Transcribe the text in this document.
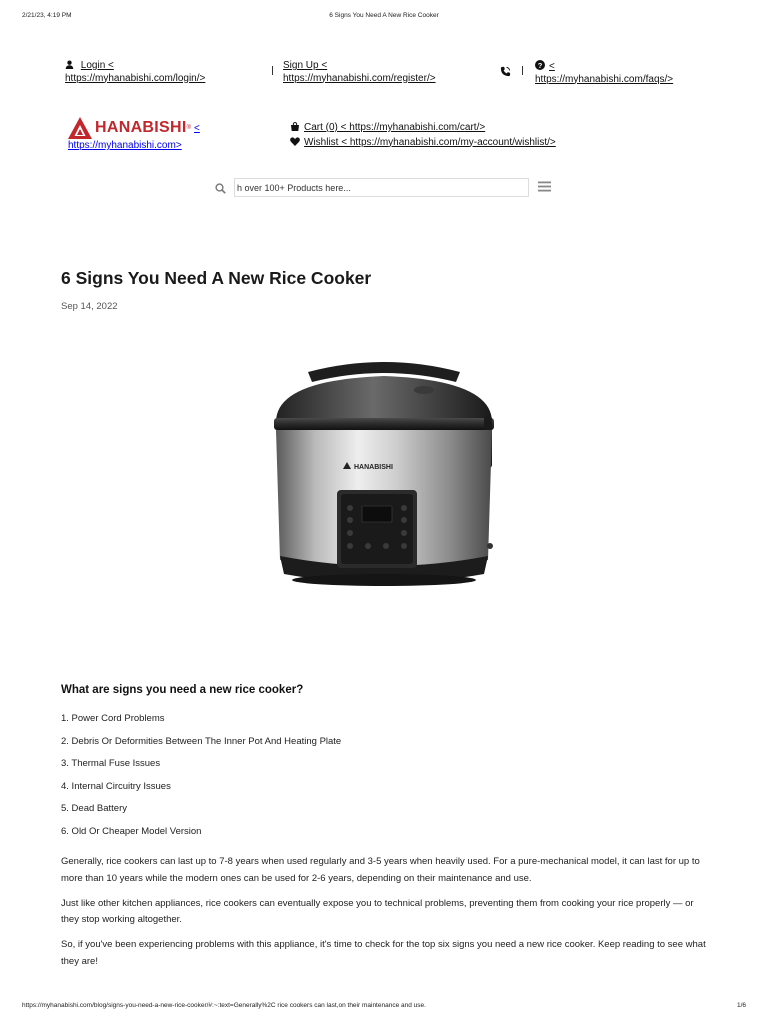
2/21/23, 4:19 PM	6 Signs You Need A New Rice Cooker
Login <
https://myhanabishi.com/login/>
Sign Up <
https://myhanabishi.com/register/>
? <
https://myhanabishi.com/faqs/>
HANABISHI ® <
https://myhanabishi.com>
Cart (0) < https://myhanabishi.com/cart/>
Wishlist < https://myhanabishi.com/my-account/wishlist/>
h over 100+ Products here...
6 Signs You Need A New Rice Cooker
Sep 14, 2022
HANABISHI
What are signs you need a new rice cooker?
1. Power Cord Problems
2. Debris Or Deformities Between The Inner Pot And Heating Plate
3. Thermal Fuse Issues
4. Internal Circuitry Issues
5. Dead Battery
6. Old Or Cheaper Model Version

Generally, rice cookers can last up to 7-8 years when used regularly and 3-5 years when heavily used. For a pure-mechanical model, it can last for up to more than 10 years while the modern ones can be used for 2-6 years, depending on their maintenance and use.

Just like other kitchen appliances, rice cookers can eventually expose you to technical problems, preventing them from cooking your rice properly — or they stop working altogether.

So, if you've been experiencing problems with this appliance, it's time to check for the top six signs you need a new rice cooker. Keep reading to see what they are!

https://myhanabishi.com/blog/signs-you-need-a-new-rice-cooker/#:~:text=Generally%2C rice cookers can last,on their maintenance and use.	1/6
